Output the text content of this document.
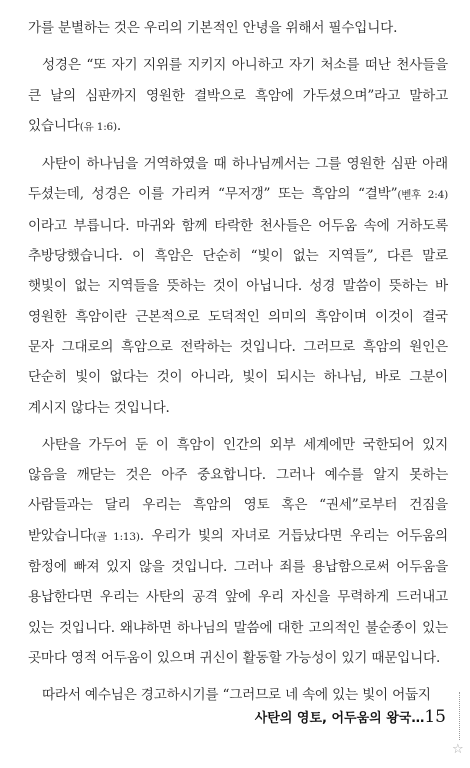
가를 분별하는 것은 우리의 기본적인 안녕을 위해서 필수입니다.

성경은 “또 자기 지위를 지키지 아니하고 자기 처소를 떠난 천사들을 큰 날의 심판까지 영원한 결박으로 흑암에 가두셨으며”라고 말하고 있습니다(유 1:6).

사탄이 하나님을 거역하였을 때 하나님께서는 그를 영원한 심판 아래 두셨는데, 성경은 이를 가리켜 “무저갱” 또는 흑암의 “결박”(벧후 2:4)이라고 부릅니다. 마귀와 함께 타락한 천사들은 어두움 속에 거하도록 추방당했습니다. 이 흑암은 단순히 “빛이 없는 지역들”, 다른 말로 햇빛이 없는 지역들을 뜻하는 것이 아닙니다. 성경 말씀이 뜻하는 바 영원한 흑암이란 근본적으로 도덕적인 의미의 흑암이며 이것이 결국 문자 그대로의 흑암으로 전락하는 것입니다. 그러므로 흑암의 원인은 단순히 빛이 없다는 것이 아니라, 빛이 되시는 하나님, 바로 그분이 계시지 않다는 것입니다.

사탄을 가두어 둔 이 흑암이 인간의 외부 세계에만 국한되어 있지 않음을 깨닫는 것은 아주 중요합니다. 그러나 예수를 알지 못하는 사람들과는 달리 우리는 흑암의 영토 혹은 “권세”로부터 건짐을 받았습니다(골 1:13). 우리가 빛의 자녀로 거듭났다면 우리는 어두움의 함정에 빠져 있지 않을 것입니다. 그러나 죄를 용납함으로써 어두움을 용납한다면 우리는 사탄의 공격 앞에 우리 자신을 무력하게 드러내고 있는 것입니다. 왜냐하면 하나님의 말씀에 대한 고의적인 불순종이 있는 곳마다 영적 어두움이 있으며 귀신이 활동할 가능성이 있기 때문입니다.

따라서 예수님은 경고하시기를 “그러므로 네 속에 있는 빛이 어둡지

사탄의 영토, 어두움의 왕국…15
☆
